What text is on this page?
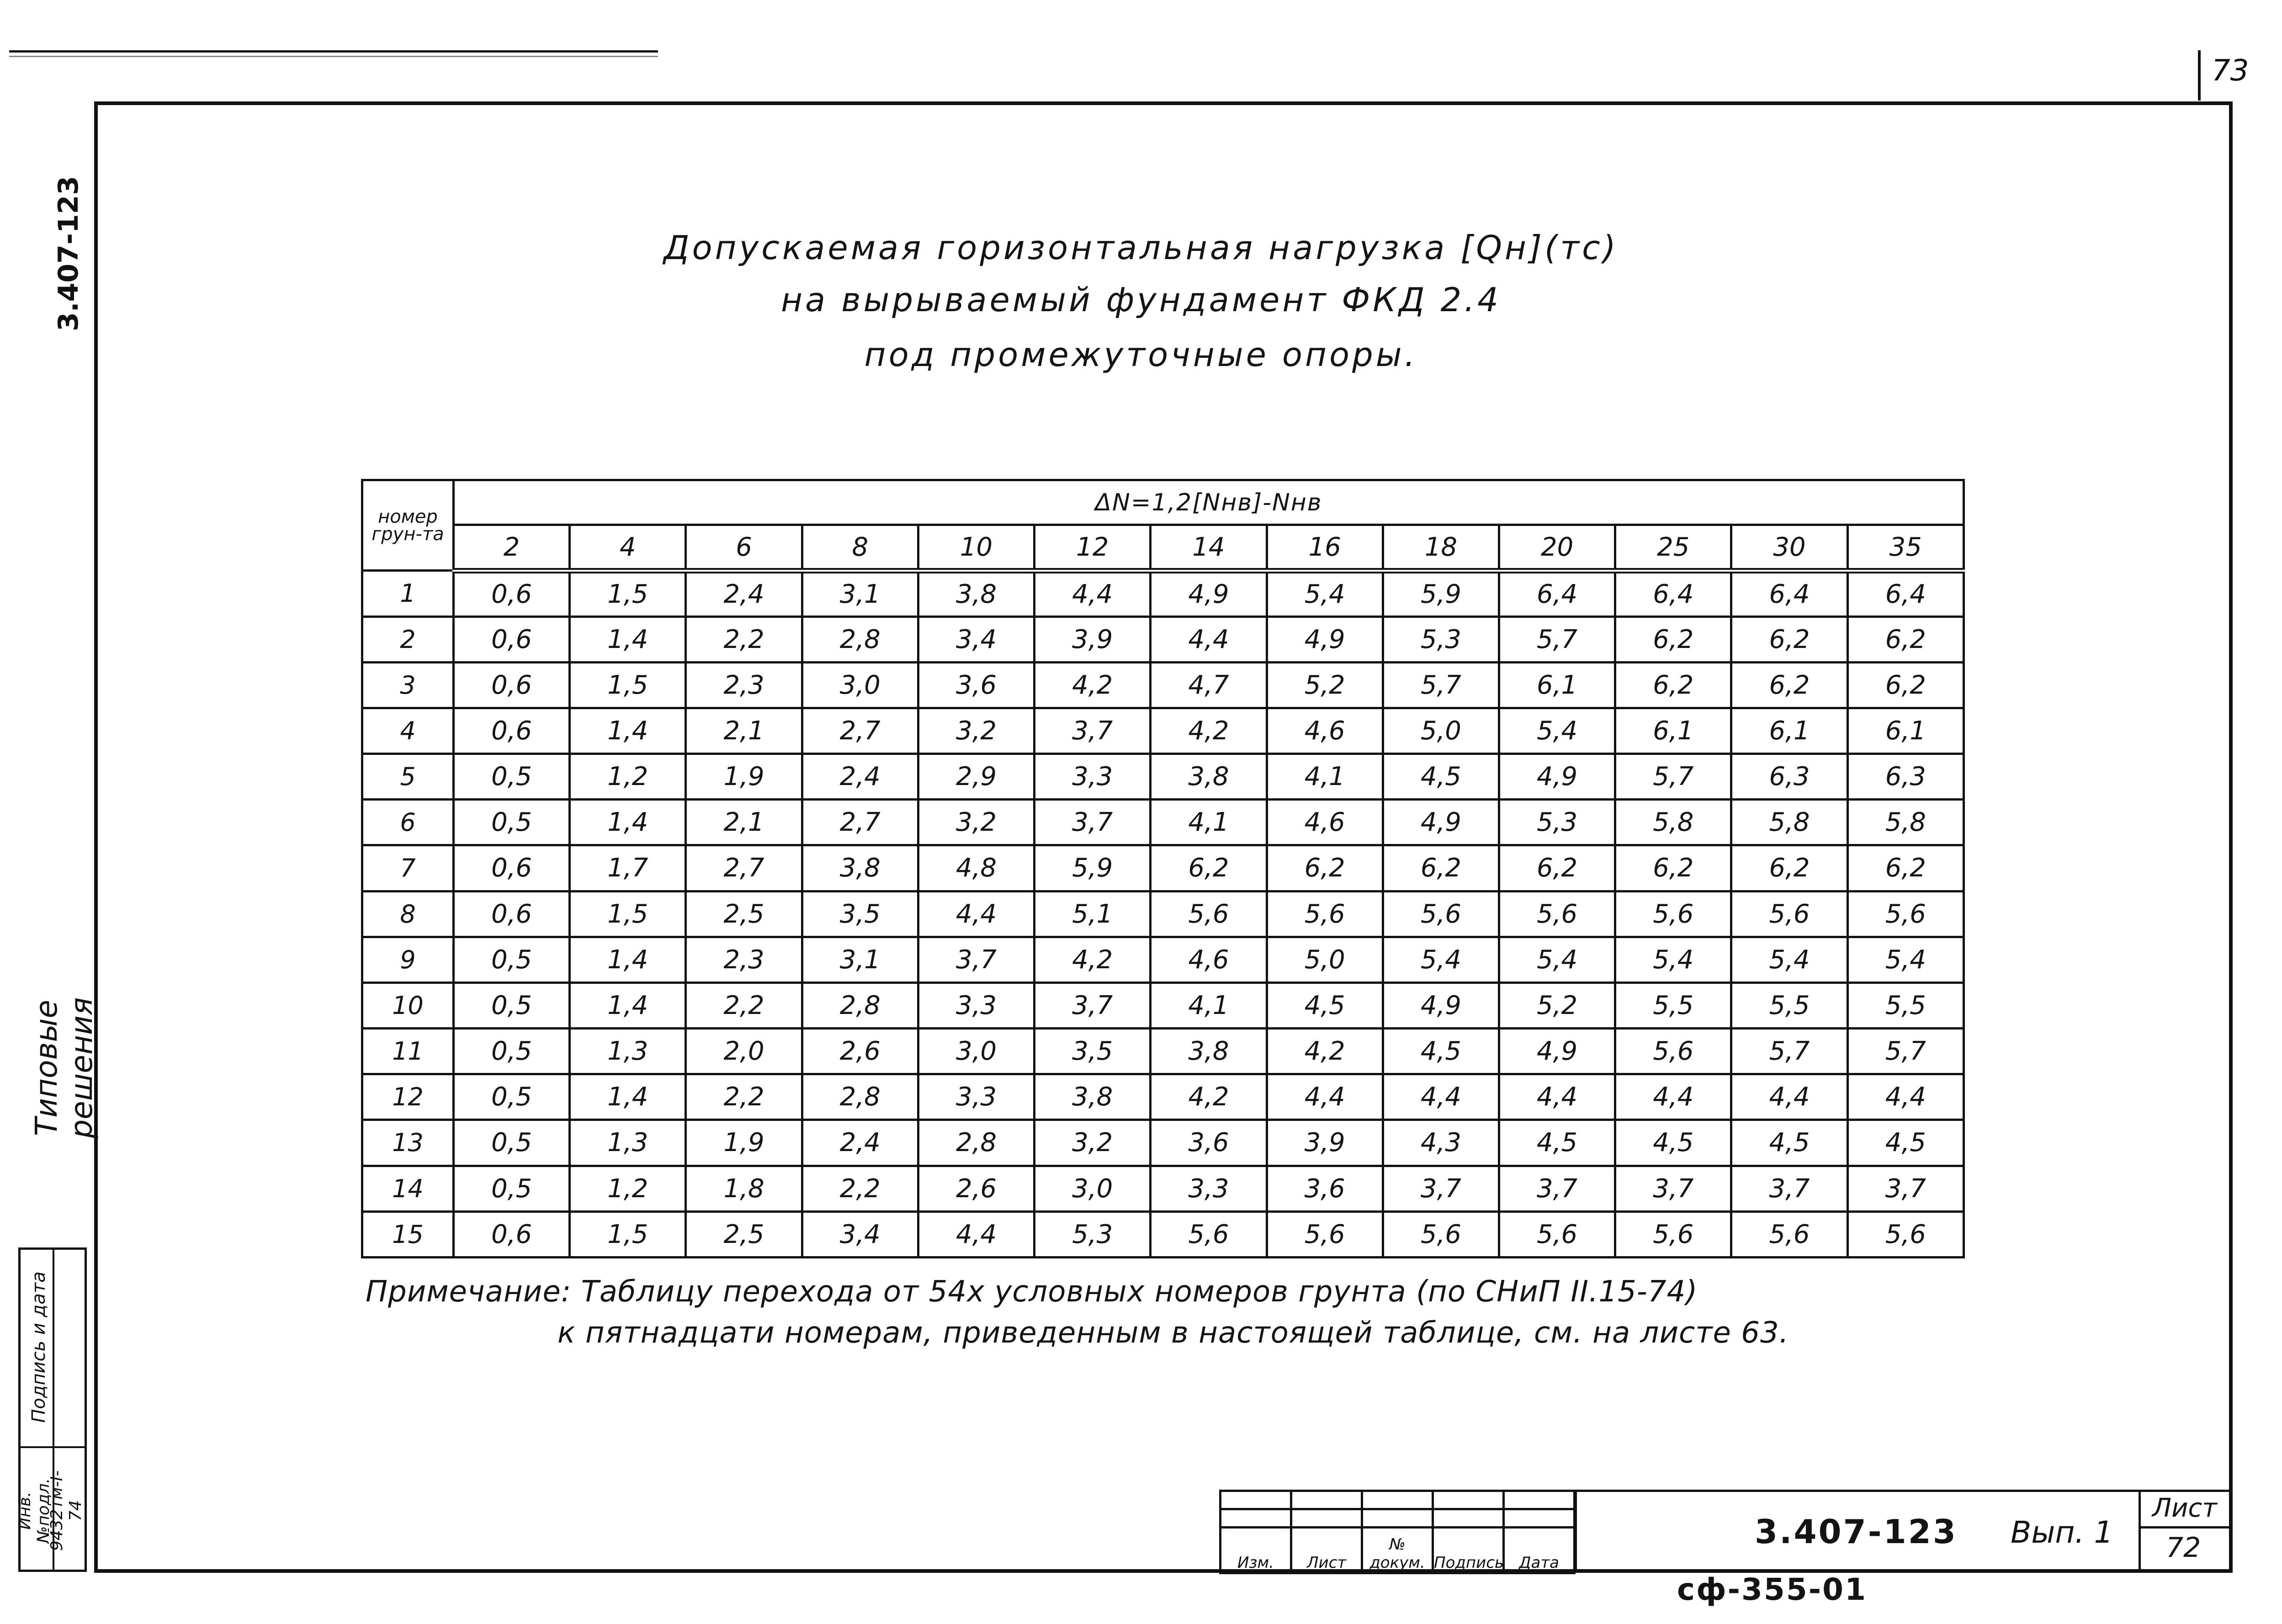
73
3.407-123
Типовые решения
Подпись и дата
Инв.№подл.
9432тм-I-74
Допускаемая горизонтальная нагрузка [Qн](тс)
на вырываемый фундамент ФКД 2.4
под промежуточные опоры.
номер грун-та	ΔN=1,2[Nнв]-Nнв												
	2	4	6	8	10	12	14	16	18	20	25	30	35
1	0,6	1,5	2,4	3,1	3,8	4,4	4,9	5,4	5,9	6,4	6,4	6,4	6,4
2	0,6	1,4	2,2	2,8	3,4	3,9	4,4	4,9	5,3	5,7	6,2	6,2	6,2
3	0,6	1,5	2,3	3,0	3,6	4,2	4,7	5,2	5,7	6,1	6,2	6,2	6,2
4	0,6	1,4	2,1	2,7	3,2	3,7	4,2	4,6	5,0	5,4	6,1	6,1	6,1
5	0,5	1,2	1,9	2,4	2,9	3,3	3,8	4,1	4,5	4,9	5,7	6,3	6,3
6	0,5	1,4	2,1	2,7	3,2	3,7	4,1	4,6	4,9	5,3	5,8	5,8	5,8
7	0,6	1,7	2,7	3,8	4,8	5,9	6,2	6,2	6,2	6,2	6,2	6,2	6,2
8	0,6	1,5	2,5	3,5	4,4	5,1	5,6	5,6	5,6	5,6	5,6	5,6	5,6
9	0,5	1,4	2,3	3,1	3,7	4,2	4,6	5,0	5,4	5,4	5,4	5,4	5,4
10	0,5	1,4	2,2	2,8	3,3	3,7	4,1	4,5	4,9	5,2	5,5	5,5	5,5
11	0,5	1,3	2,0	2,6	3,0	3,5	3,8	4,2	4,5	4,9	5,6	5,7	5,7
12	0,5	1,4	2,2	2,8	3,3	3,8	4,2	4,4	4,4	4,4	4,4	4,4	4,4
13	0,5	1,3	1,9	2,4	2,8	3,2	3,6	3,9	4,3	4,5	4,5	4,5	4,5
14	0,5	1,2	1,8	2,2	2,6	3,0	3,3	3,6	3,7	3,7	3,7	3,7	3,7
15	0,6	1,5	2,5	3,4	4,4	5,3	5,6	5,6	5,6	5,6	5,6	5,6	5,6
Примечание: Таблицу перехода от 54х условных номеров грунта (по СНиП II.15-74)
к пятнадцати номерам, приведенным в настоящей таблице, см. на листе 63.

Изм.	Лист	№ докум.	Подпись	Дата
3.407-123 Вып. 1
Лист
72
сф-355-01
